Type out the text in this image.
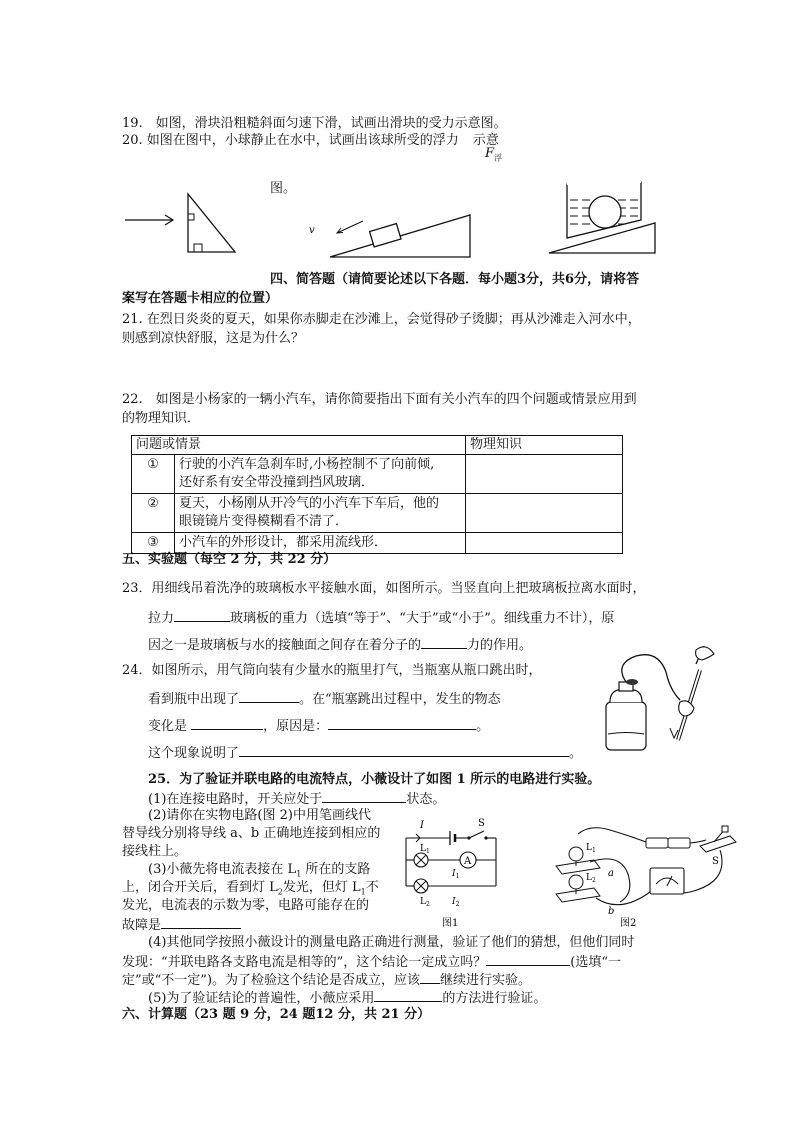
19.　如图，滑块沿粗糙斜面匀速下滑，试画出滑块的受力示意图。
20. 如图在图中，小球静止在水中，试画出该球所受的浮力 示意
$F_浮$
图。
v
四、简答题（请简要论述以下各题．每小题3分，共6分，请将答
案写在答题卡相应的位置）
21. 在烈日炎炎的夏天，如果你赤脚走在沙滩上，会觉得砂子烫脚；再从沙滩走入河水中，
则感到凉快舒服，这是为什么？
22.　如图是小杨家的一辆小汽车，请你简要指出下面有关小汽车的四个问题或情景应用到
的物理知识．
问题或情景		物理知识
①	行驶的小汽车急刹车时,小杨控制不了向前倾,
还好系有安全带没撞到挡风玻璃．	
②	夏天，小杨刚从开冷气的小汽车下车后，他的
眼镜镜片变得模糊看不清了．	
③	小汽车的外形设计，都采用流线形．	
五、实验题（每空 2 分，共 22 分）
23．用细线吊着洗净的玻璃板水平接触水面，如图所示。当竖直向上把玻璃板拉离水面时，
拉力	玻璃板的重力（选填“等于”、“大于”或“小于”。细线重力不计），原
因之一是玻璃板与水的接触面之间存在着分子的	力的作用。
24．如图所示，用气筒向装有少量水的瓶里打气，当瓶塞从瓶口跳出时，
看到瓶中出现了	。在“瓶塞跳出过程中，发生的物态
变化是	，原因是：	。
这个现象说明了	。
25．为了验证并联电路的电流特点，小薇设计了如图 1 所示的电路进行实验。
(1)在连接电路时，开关应处于	状态。
(2)请你在实物电路(图 2)中用笔画线代
替导线分别将导线 a、b 正确地连接到相应的
接线柱上。
(3)小薇先将电流表接在 $L_1$ 所在的支路
上，闭合开关后，看到灯 $L_2$发光，但灯 $L_1$不
发光，电流表的示数为零，电路可能存在的
故障是
A
I	S
$L_1$
$L_2$
$I_1$
$I_2$
图1
S
$L_1$
$L_2$
a
b
图2
(4)其他同学按照小薇设计的测量电路正确进行测量，验证了他们的猜想，但他们同时
发现：“并联电路各支路电流是相等的”，这个结论一定成立吗？	(选填“一
定”或“不一定”)。为了检验这个结论是否成立，应该 继续进行实验。
(5)为了验证结论的普遍性，小薇应采用	的方法进行验证。
六、计算题（23 题 9 分，24 题12 分，共 21 分）
